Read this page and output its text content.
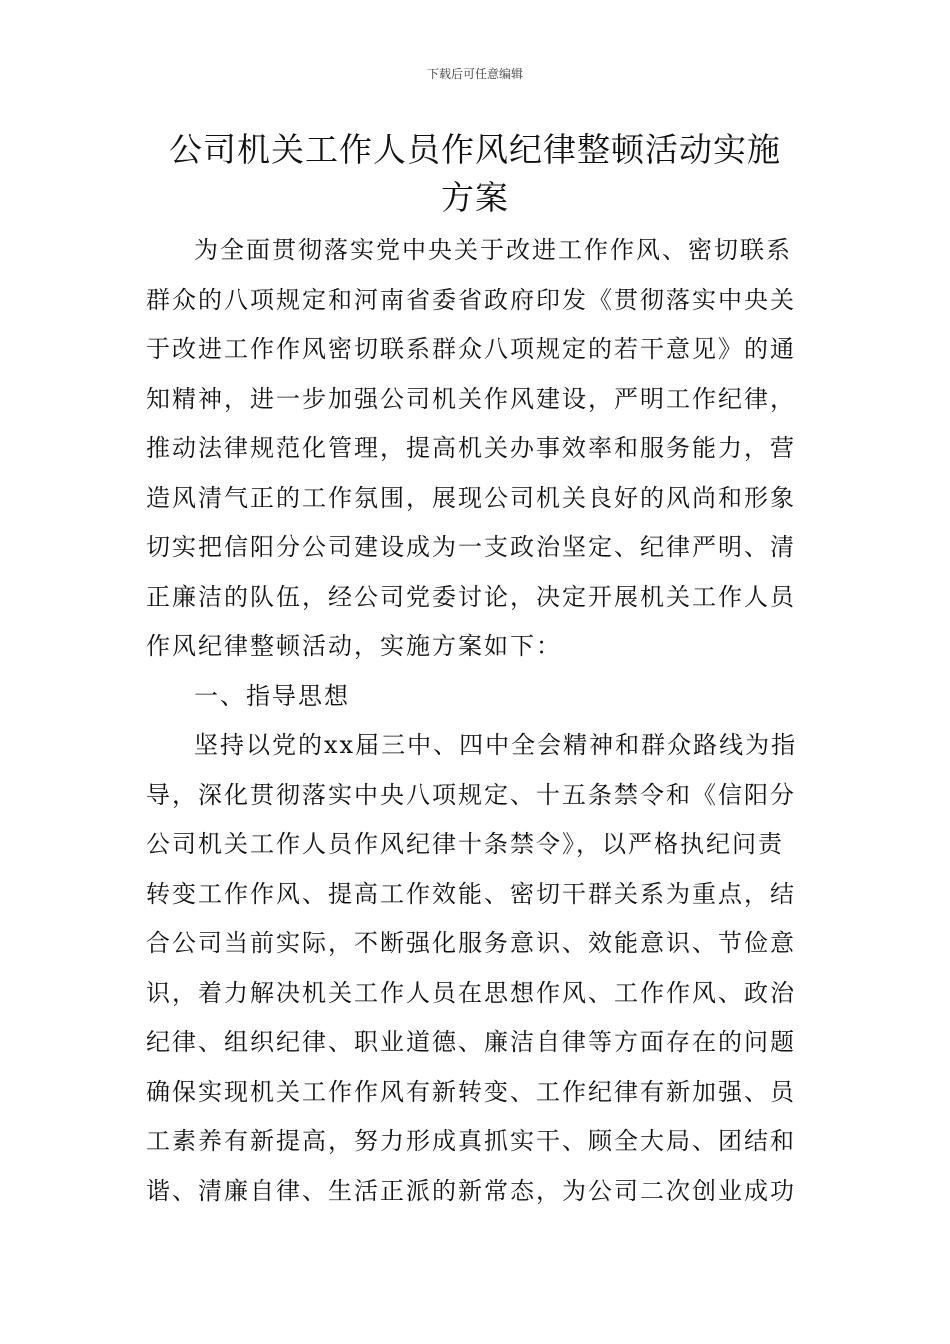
下载后可任意编辑
公司机关工作人员作风纪律整顿活动实施
方案
为全面贯彻落实党中央关于改进工作作风、密切联系
群众的八项规定和河南省委省政府印发《贯彻落实中央关
于改进工作作风密切联系群众八项规定的若干意见》的通
知精神，进一步加强公司机关作风建设，严明工作纪律，
推动法律规范化管理，提高机关办事效率和服务能力，营
造风清气正的工作氛围，展现公司机关良好的风尚和形象
切实把信阳分公司建设成为一支政治坚定、纪律严明、清
正廉洁的队伍，经公司党委讨论，决定开展机关工作人员
作风纪律整顿活动，实施方案如下：
一、指导思想
坚持以党的xx届三中、四中全会精神和群众路线为指
导，深化贯彻落实中央八项规定、十五条禁令和《信阳分
公司机关工作人员作风纪律十条禁令》，以严格执纪问责
转变工作作风、提高工作效能、密切干群关系为重点，结
合公司当前实际，不断强化服务意识、效能意识、节俭意
识，着力解决机关工作人员在思想作风、工作作风、政治
纪律、组织纪律、职业道德、廉洁自律等方面存在的问题
确保实现机关工作作风有新转变、工作纪律有新加强、员
工素养有新提高，努力形成真抓实干、顾全大局、团结和
谐、清廉自律、生活正派的新常态，为公司二次创业成功
